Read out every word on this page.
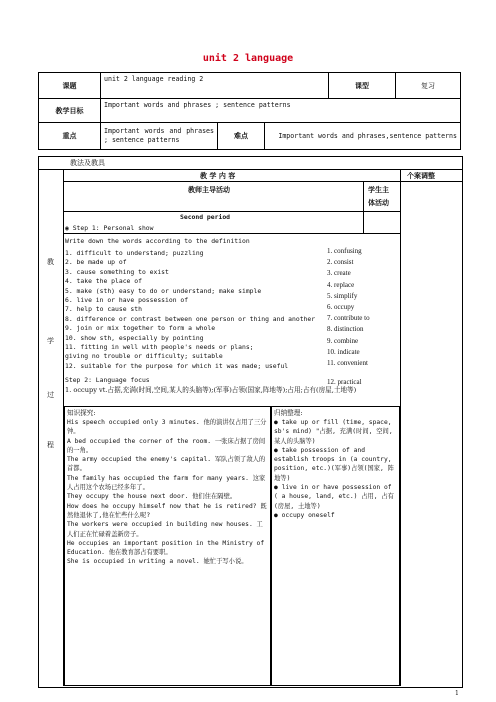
unit 2 language
课题	unit 2 language reading 2			课型	复习
教学目标	Important words and phrases ; sentence patterns				
重点	Important words and phrases ; sentence patterns	难点	Important words and phrases,sentence patterns		
教法及教具
教 学 内 容	个案调整
教师主导活动	学生主
体活动
教
学
过
程
Second period
◉ Step 1: Personal show
Write down the words according to the definition
1. difficult to understand; puzzling
2. be made up of
3. cause something to exist
4. take the place of
5. make (sth) easy to do or understand; make simple
6. live in or have possession of
7. help to cause sth
8. difference or contrast between one person or thing and another
9. join or mix together to form a whole
10. show sth, especially by pointing
11. fitting in well with people's needs or plans;
giving no trouble or difficulty; suitable
12. suitable for the purpose for which it was made; useful
1. confusing
2. consist
3. create
4. replace
5. simplify
6. occupy
7. contribute to
8. distinction
9. combine
10. indicate
11. convenient
12. practical
Step 2: Language focus
1. occupy vt.占据,充满(时间,空间,某人的头脑等);(军事)占领(国家,阵地等);占用;占有(房屋,土地等)
知识探究:
His speech occupied only 3 minutes. 他的演讲仅占用了三分钟。
A bed occupied the corner of the room. 一张床占据了房间的一角。
The army occupied the enemy's capital. 军队占领了敌人的首都。
The family has occupied the farm for many years. 这家人占用这个农场已经多年了。
They occupy the house next door. 他们住在隔壁。
How does he occupy himself now that he is retired? 既然他退休了,他在忙些什么呢?
The workers were occupied in building new houses. 工人们正在忙碌着盖新房子。
He occupies an important position in the Ministry of Education. 他在教育部占有要职。
She is occupied in writing a novel. 她忙于写小说。
归纳整理:
● take up or fill (time, space, sb's mind) "占据, 充满(时间, 空间, 某人的头脑等)
● take possession of and establish troops in (a country, position, etc.)(军事)占领(国家, 阵地等)
● live in or have possession of ( a house, land, etc.) 占用, 占有(房屋, 土地等)
● occupy oneself
1
